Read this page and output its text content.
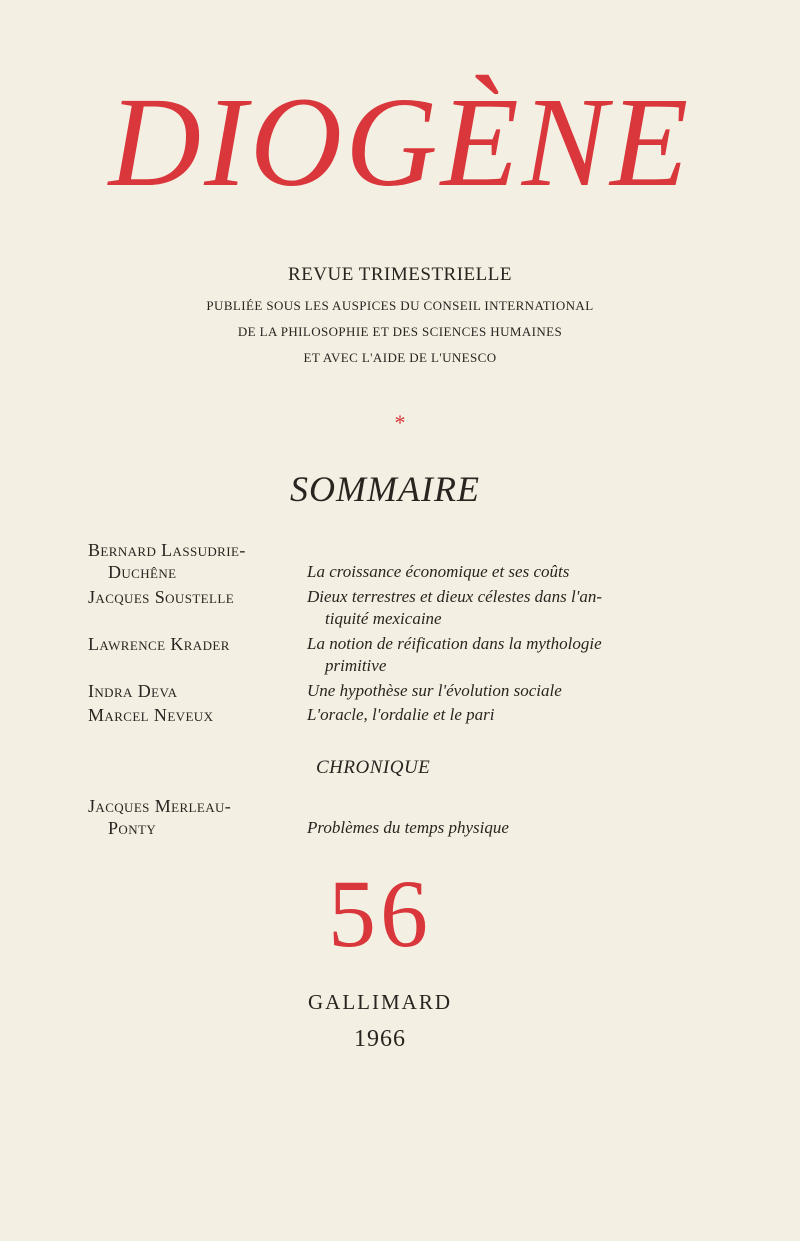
DIOGÈNE
REVUE TRIMESTRIELLE
PUBLIÉE SOUS LES AUSPICES DU CONSEIL INTERNATIONAL
DE LA PHILOSOPHIE ET DES SCIENCES HUMAINES
ET AVEC L'AIDE DE L'UNESCO
*
SOMMAIRE
Bernard Lassudrie-
Duchêne	La croissance économique et ses coûts
Jacques Soustelle	Dieux terrestres et dieux célestes dans l'an-
tiquité mexicaine
Lawrence Krader	La notion de réification dans la mythologie
primitive
Indra Deva	Une hypothèse sur l'évolution sociale
Marcel Neveux	L'oracle, l'ordalie et le pari
CHRONIQUE
Jacques Merleau-
Ponty	Problèmes du temps physique
56
GALLIMARD
1966
